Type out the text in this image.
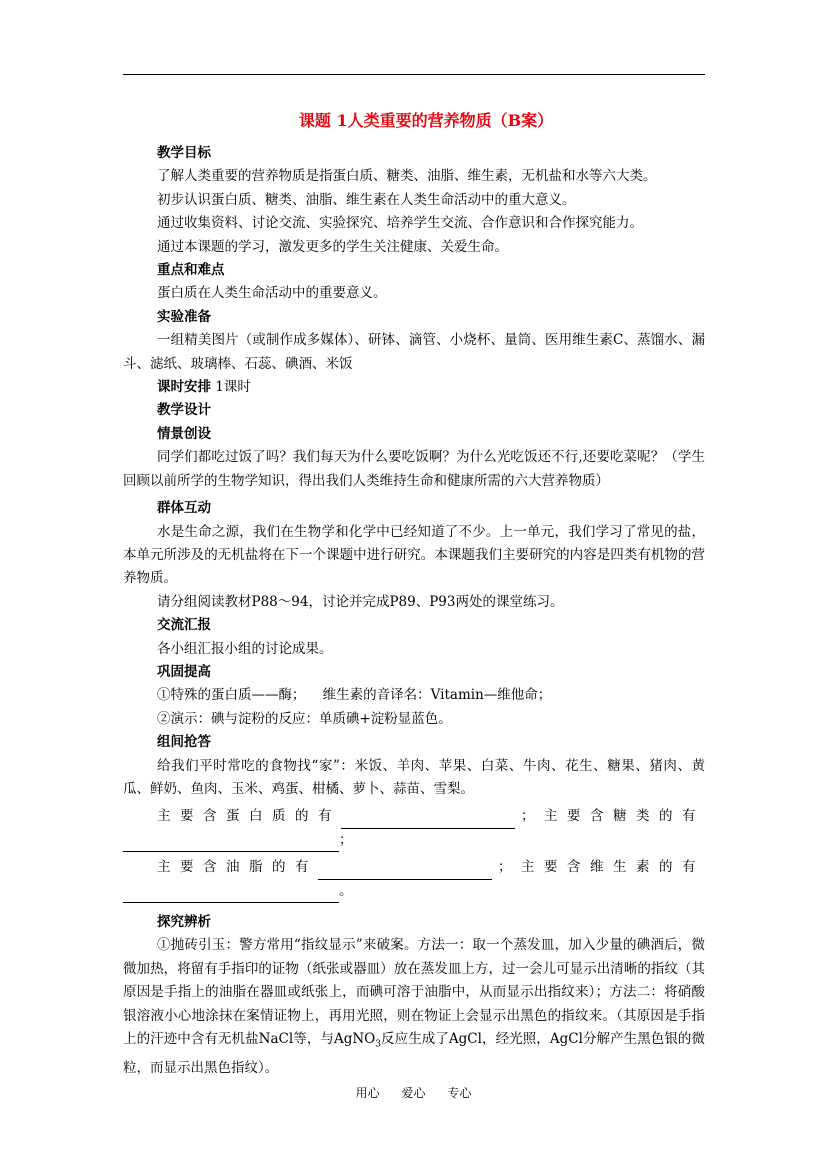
课题 1人类重要的营养物质（B案）
教学目标
了解人类重要的营养物质是指蛋白质、糖类、油脂、维生素，无机盐和水等六大类。
初步认识蛋白质、糖类、油脂、维生素在人类生命活动中的重大意义。
通过收集资料、讨论交流、实验探究、培养学生交流、合作意识和合作探究能力。
通过本课题的学习，激发更多的学生关注健康、关爱生命。
重点和难点
蛋白质在人类生命活动中的重要意义。
实验准备
一组精美图片（或制作成多媒体）、研钵、滴管、小烧杯、量筒、医用维生素C、蒸馏水、漏斗、滤纸、玻璃棒、石蕊、碘酒、米饭
课时安排 1课时
教学设计
情景创设
同学们都吃过饭了吗？我们每天为什么要吃饭啊？为什么光吃饭还不行,还要吃菜呢？（学生回顾以前所学的生物学知识，得出我们人类维持生命和健康所需的六大营养物质）
群体互动
水是生命之源，我们在生物学和化学中已经知道了不少。上一单元，我们学习了常见的盐，本单元所涉及的无机盐将在下一个课题中进行研究。本课题我们主要研究的内容是四类有机物的营养物质。
请分组阅读教材P88～94，讨论并完成P89、P93两处的课堂练习。
交流汇报
各小组汇报小组的讨论成果。
巩固提高
①特殊的蛋白质——酶； 维生素的音译名：Vitamin—维他命；
②演示：碘与淀粉的反应：单质碘+淀粉显蓝色。
组间抢答
给我们平时常吃的食物找“家”：米饭、羊肉、苹果、白菜、牛肉、花生、糖果、猪肉、黄瓜、鲜奶、鱼肉、玉米、鸡蛋、柑橘、萝卜、蒜苗、雪梨。
主要含蛋白质的有	；主要含糖类的有
；
主要含油脂的有	；主要含维生素的有
。
探究辨析
①抛砖引玉：警方常用“指纹显示”来破案。方法一：取一个蒸发皿，加入少量的碘酒后，微微加热，将留有手指印的证物（纸张或器皿）放在蒸发皿上方，过一会儿可显示出清晰的指纹（其原因是手指上的油脂在器皿或纸张上，而碘可溶于油脂中，从而显示出指纹来）；方法二：将硝酸银溶液小心地涂抹在案情证物上，再用光照，则在物证上会显示出黑色的指纹来。（其原因是手指上的汗迹中含有无机盐NaCl等，与AgNO$_3$反应生成了AgCl，经光照，AgCl分解产生黑色银的微粒，而显示出黑色指纹）。
用心 爱心 专心
